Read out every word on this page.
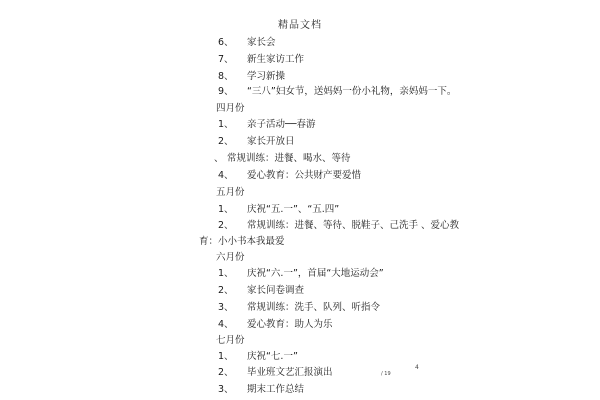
精品文档
6、 家长会
7、 新生家访工作
8、 学习新操
9、 “三八”妇女节，送妈妈一份小礼物，亲妈妈一下。
四月份
1、 亲子活动──春游
2、 家长开放日
、 常规训练：进餐、喝水、等待
4、 爱心教育：公共财产要爱惜
五月份
1、 庆祝“五.一”、“五.四”
2、 常规训练：进餐、等待、脱鞋子、己洗手 、爱心教
育：小小书本我最爱
六月份
1、 庆祝“六.一”，首届“大地运动会”
2、 家长问卷调查
3、 常规训练：洗手、队列、听指令
4、 爱心教育：助人为乐
七月份
1、 庆祝“七.一”
2、 毕业班文艺汇报演出
3、 期末工作总结
/ 19
4
